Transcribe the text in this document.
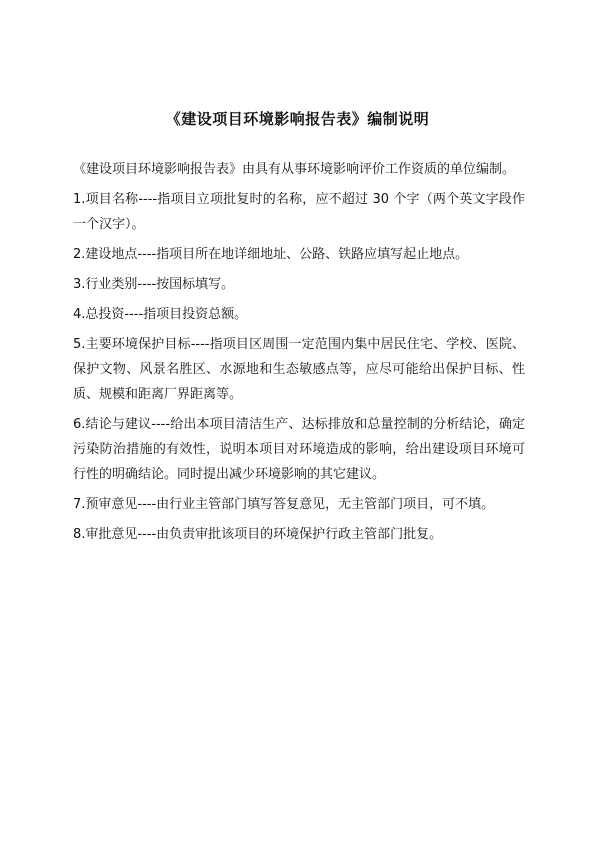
《建设项目环境影响报告表》编制说明

《建设项目环境影响报告表》由具有从事环境影响评价工作资质的单位编制。

1.项目名称----指项目立项批复时的名称，应不超过 30 个字（两个英文字段作一个汉字）。

2.建设地点----指项目所在地详细地址、公路、铁路应填写起止地点。

3.行业类别----按国标填写。

4.总投资----指项目投资总额。

5.主要环境保护目标----指项目区周围一定范围内集中居民住宅、学校、医院、保护文物、风景名胜区、水源地和生态敏感点等，应尽可能给出保护目标、性质、规模和距离厂界距离等。

6.结论与建议----给出本项目清洁生产、达标排放和总量控制的分析结论，确定污染防治措施的有效性，说明本项目对环境造成的影响，给出建设项目环境可行性的明确结论。同时提出减少环境影响的其它建议。

7.预审意见----由行业主管部门填写答复意见，无主管部门项目，可不填。

8.审批意见----由负责审批该项目的环境保护行政主管部门批复。
